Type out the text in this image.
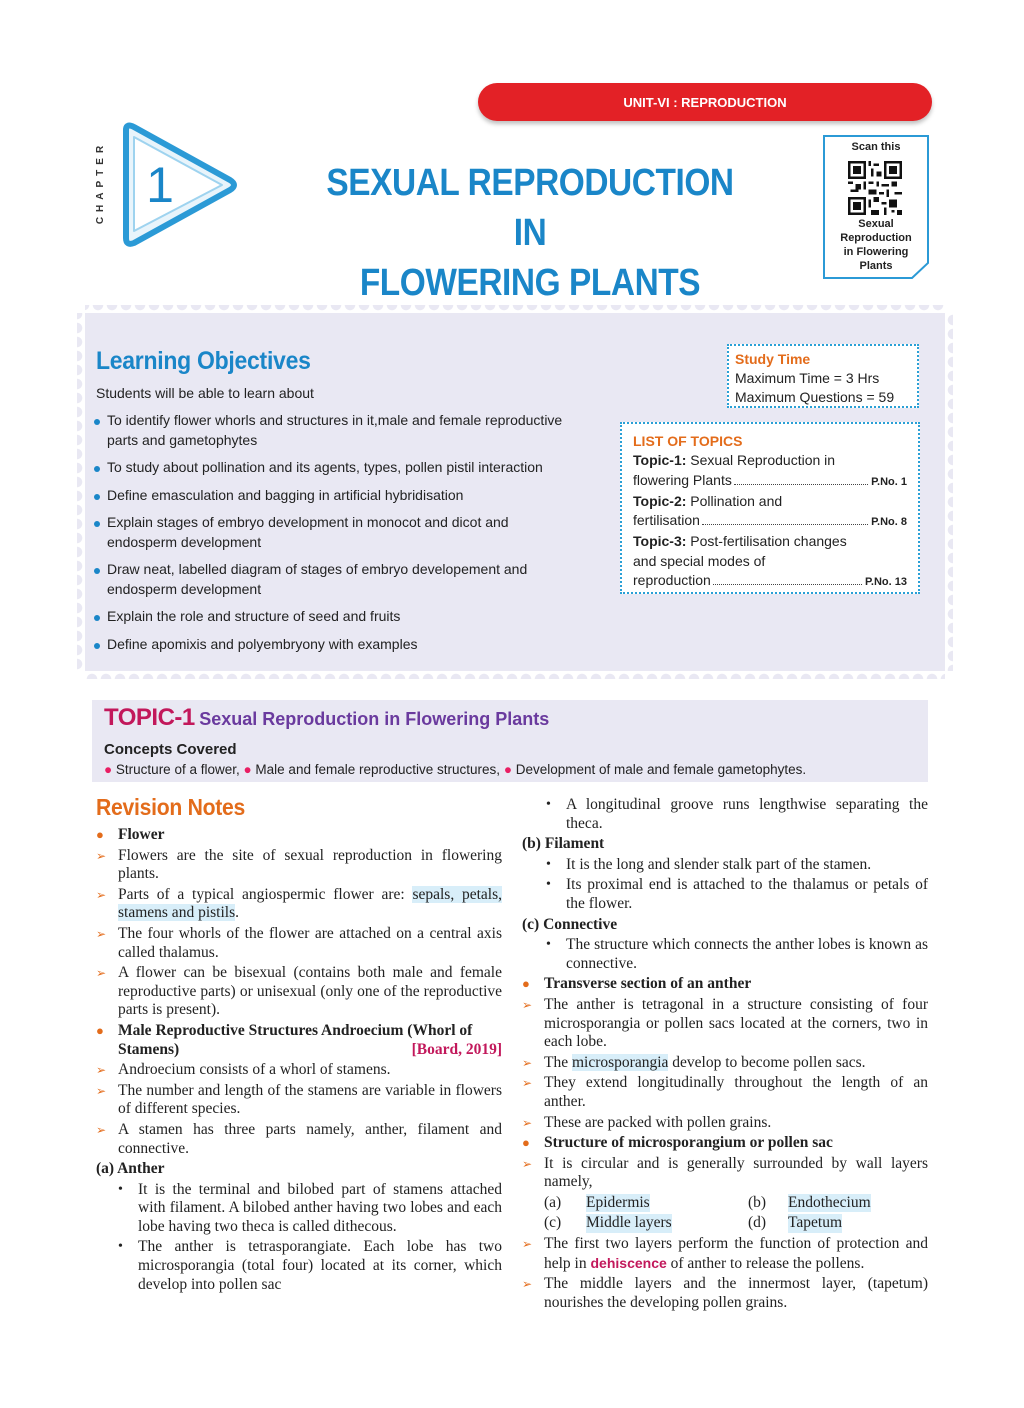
UNIT-VI : REPRODUCTION
CHAPTER 1	SEXUAL REPRODUCTION IN
FLOWERING PLANTS
Scan this
Sexual
Reproduction
in Flowering
Plants
Learning Objectives
Students will be able to learn about
To identify flower whorls and structures in it,male and female reproductive parts and gametophytes
To study about pollination and its agents, types, pollen pistil interaction
Define emasculation and bagging in artificial hybridisation
Explain stages of embryo development in monocot and dicot and endosperm development
Draw neat, labelled diagram of stages of embryo developement and endosperm development
Explain the role and structure of seed and fruits
Define apomixis and polyembryony with examples
Study Time
Maximum Time = 3 Hrs
Maximum Questions = 59
LIST OF TOPICS
Topic-1: Sexual Reproduction in
flowering Plants	P.No. 1
Topic-2: Pollination and
fertilisation	P.No. 8
Topic-3: Post-fertilisation changes
and special modes of
reproduction	P.No. 13
TOPIC-1 Sexual Reproduction in Flowering Plants
Concepts Covered
● Structure of a flower, ● Male and female reproductive structures, ● Development of male and female gametophytes.
Revision Notes
● Flower
➢ Flowers are the site of sexual reproduction in flowering plants.
➢ Parts of a typical angiospermic flower are: sepals, petals, stamens and pistils.
➢ The four whorls of the flower are attached on a central axis called thalamus.
➢ A flower can be bisexual (contains both male and female reproductive parts) or unisexual (only one of the reproductive parts is present).
● Male Reproductive Structures Androecium (Whorl of Stamens)	[Board, 2019]
➢ Androecium consists of a whorl of stamens.
➢ The number and length of the stamens are variable in flowers of different species.
➢ A stamen has three parts namely, anther, filament and connective.
(a) Anther
• It is the terminal and bilobed part of stamens attached with filament. A bilobed anther having two lobes and each lobe having two theca is called dithecous.
• The anther is tetrasporangiate. Each lobe has two microsporangia (total four) located at its corner, which develop into pollen sac
• A longitudinal groove runs lengthwise separating the theca.
(b) Filament
• It is the long and slender stalk part of the stamen.
• Its proximal end is attached to the thalamus or petals of the flower.
(c) Connective
• The structure which connects the anther lobes is known as connective.
● Transverse section of an anther
➢ The anther is tetragonal in a structure consisting of four microsporangia or pollen sacs located at the corners, two in each lobe.
➢ The microsporangia develop to become pollen sacs.
➢ They extend longitudinally throughout the length of an anther.
➢ These are packed with pollen grains.
● Structure of microsporangium or pollen sac
➢ It is circular and is generally surrounded by wall layers namely,
(a)	Epidermis	(b)	Endothecium
(c)	Middle layers	(d)	Tapetum
➢ The first two layers perform the function of protection and help in dehiscence of anther to release the pollens.
➢ The middle layers and the innermost layer, (tapetum) nourishes the developing pollen grains.
